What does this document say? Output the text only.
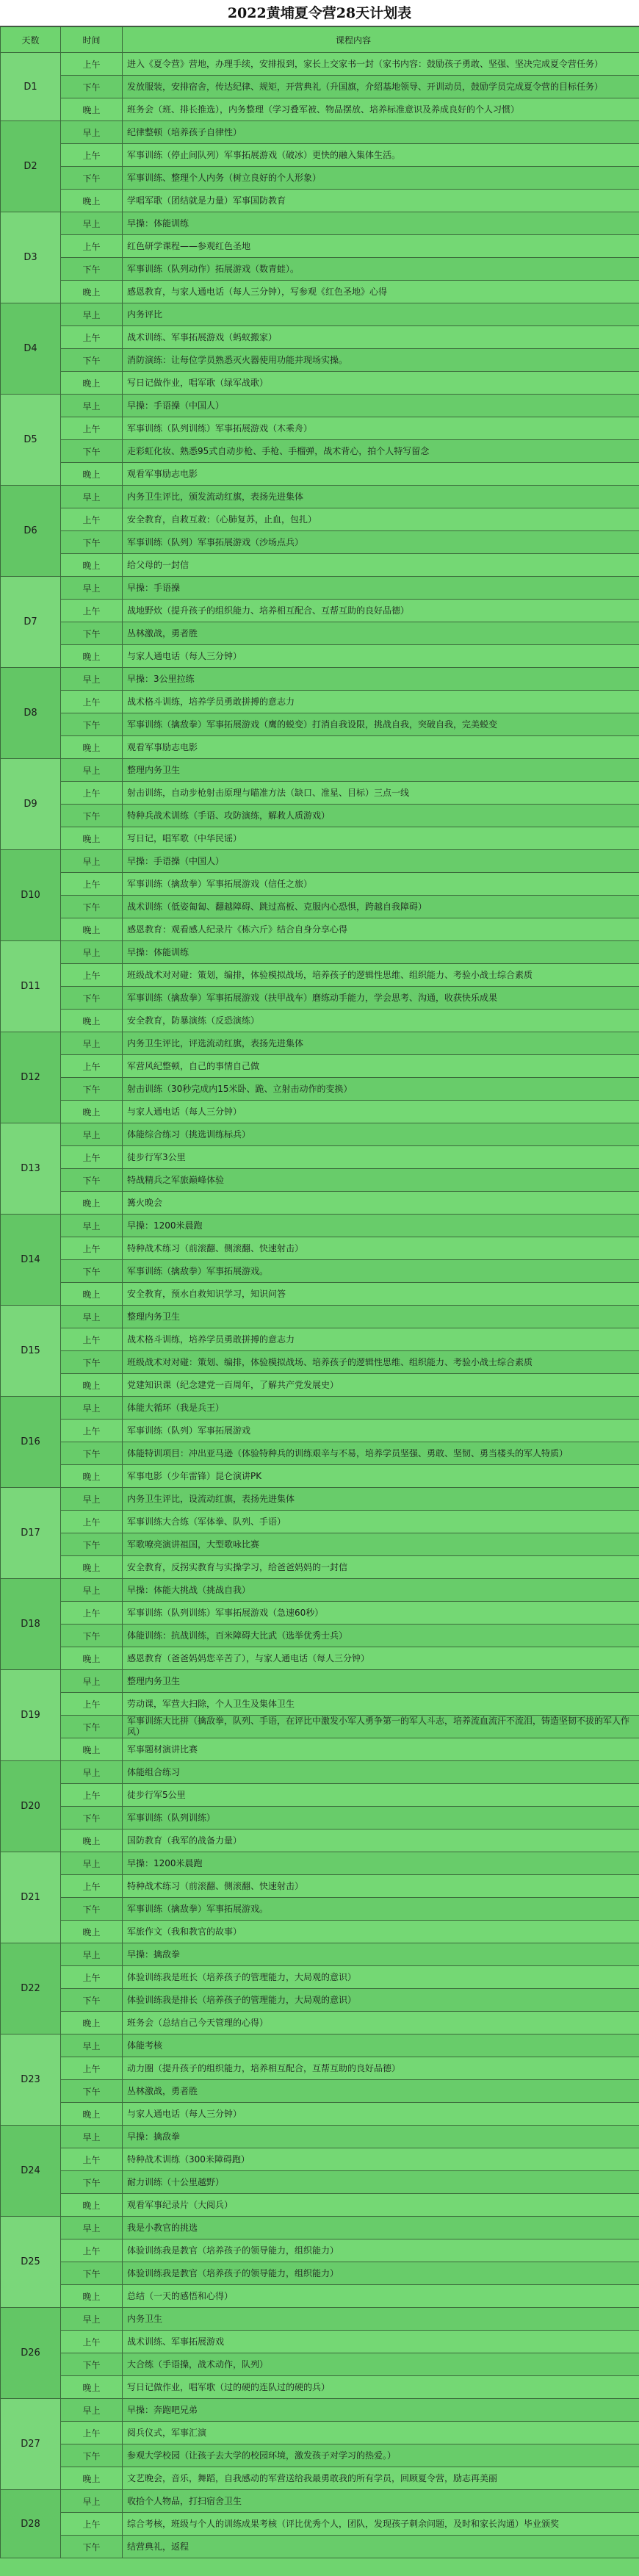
2022黄埔夏令营28天计划表
天数	时间	课程内容
D1	上午	进入《夏令营》营地，办理手续，安排报到，家长上交家书一封（家书内容：鼓励孩子勇敢、坚强、坚决完成夏令营任务）
	下午	发放服装，安排宿舍，传达纪律、规矩，开营典礼（升国旗，介绍基地领导、开训动员，鼓励学员完成夏令营的目标任务）
	晚上	班务会（班、排长推选），内务整理（学习叠军被、物品摆放、培养标准意识及养成良好的个人习惯）
D2	早上	纪律整顿（培养孩子自律性）
	上午	军事训练（停止间队列）军事拓展游戏（破冰）更快的融入集体生活。
	下午	军事训练、整理个人内务（树立良好的个人形象）
	晚上	学唱军歌（团结就是力量）军事国防教育
D3	早上	早操：体能训练
	上午	红色研学课程——参观红色圣地
	下午	军事训练（队列动作）拓展游戏（数青蛙）。
	晚上	感恩教育，与家人通电话（每人三分钟），写参观《红色圣地》心得
D4	早上	内务评比
	上午	战术训练、军事拓展游戏（蚂蚁搬家）
	下午	消防演练：让每位学员熟悉灭火器使用功能并现场实操。
	晚上	写日记做作业，唱军歌（绿军战歌）
D5	早上	早操：手语操（中国人）
	上午	军事训练（队列训练）军事拓展游戏（木乘舟）
	下午	走彩虹化妆、熟悉95式自动步枪、手枪、手榴弹，战术背心，拍个人特写留念
	晚上	观看军事励志电影
D6	早上	内务卫生评比，颁发流动红旗，表扬先进集体
	上午	安全教育，自救互救：（心肺复苏，止血，包扎）
	下午	军事训练（队列）军事拓展游戏（沙场点兵）
	晚上	给父母的一封信
D7	早上	早操：手语操
	上午	战地野炊（提升孩子的组织能力、培养相互配合、互帮互助的良好品德）
	下午	丛林激战，勇者胜
	晚上	与家人通电话（每人三分钟）
D8	早上	早操：3公里拉练
	上午	战术格斗训练，培养学员勇敢拼搏的意志力
	下午	军事训练（擒敌拳）军事拓展游戏（鹰的蜕变）打消自我设限，挑战自我，突破自我，完美蜕变
	晚上	观看军事励志电影
D9	早上	整理内务卫生
	上午	射击训练，自动步枪射击原理与瞄准方法（缺口、准星、目标）三点一线
	下午	特种兵战术训练（手语、攻防演练，解救人质游戏）
	晚上	写日记，唱军歌（中华民谣）
D10	早上	早操：手语操（中国人）
	上午	军事训练（擒敌拳）军事拓展游戏（信任之旅）
	下午	战术训练（低姿匍匐、翻越障碍、跳过高板、克服内心恐惧，跨越自我障碍）
	晚上	感恩教育：观看感人纪录片《栋六斤》结合自身分享心得
D11	早上	早操：体能训练
	上午	班级战术对对碰：策划，编排，体验模拟战场，培养孩子的逻辑性思维、组织能力、考验小战士综合素质
	下午	军事训练（擒敌拳）军事拓展游戏（扶甲战车）磨练动手能力，学会思考、沟通，收获快乐成果
	晚上	安全教育，防暴演练（反恐演练）
D12	早上	内务卫生评比，评选流动红旗，表扬先进集体
	上午	军营风纪整顿，自己的事情自己做
	下午	射击训练（30秒完成内15米卧、跪、立射击动作的变换）
	晚上	与家人通电话（每人三分钟）
D13	早上	体能综合练习（挑选训练标兵）
	上午	徒步行军3公里
	下午	特战精兵之军旅巅峰体验
	晚上	篝火晚会
D14	早上	早操：1200米晨跑
	上午	特种战术练习（前滚翻、侧滚翻、快速射击）
	下午	军事训练（擒敌拳）军事拓展游戏。
	晚上	安全教育，预水自救知识学习，知识问答
D15	早上	整理内务卫生
	上午	战术格斗训练，培养学员勇敢拼搏的意志力
	下午	班级战术对对碰：策划、编排，体验模拟战场、培养孩子的逻辑性思维、组织能力、考验小战士综合素质
	晚上	党建知识课（纪念建党一百周年，了解共产党发展史）
D16	早上	体能大循环（我是兵王）
	上午	军事训练（队列）军事拓展游戏
	下午	体能特训项目：冲出亚马逊（体验特种兵的训练艰辛与不易，培养学员坚强、勇敢、坚韧、勇当楼头的军人特质）
	晚上	军事电影（少年雷锋）昆仑演讲PK
D17	早上	内务卫生评比，设流动红旗，表扬先进集体
	上午	军事训练大合练（军体拳、队列、手语）
	下午	军歌嘹亮演讲祖国，大型歌咏比赛
	晚上	安全教育，反拐实教育与实操学习，给爸爸妈妈的一封信
D18	早上	早操：体能大挑战（挑战自我）
	上午	军事训练（队列训练）军事拓展游戏（急速60秒）
	下午	体能训练：抗战训练，百米障碍大比武（选举优秀士兵）
	晚上	感恩教育（爸爸妈妈您辛苦了），与家人通电话（每人三分钟）
D19	早上	整理内务卫生
	上午	劳动课，军营大扫除，个人卫生及集体卫生
	下午	军事训练大比拼（擒敌拳，队列、手语，在评比中激发小军人勇争第一的军人斗志，培养流血流汗不流泪，铸造坚韧不拔的军人作风）
	晚上	军事题材演讲比赛
D20	早上	体能组合练习
	上午	徒步行军5公里
	下午	军事训练（队列训练）
	晚上	国防教育（我军的战备力量）
D21	早上	早操：1200米晨跑
	上午	特种战术练习（前滚翻、侧滚翻、快速射击）
	下午	军事训练（擒敌拳）军事拓展游戏。
	晚上	军旅作文（我和教官的故事）
D22	早上	早操：擒敌拳
	上午	体验训练我是班长（培养孩子的管理能力，大局观的意识）
	下午	体验训练我是排长（培养孩子的管理能力，大局观的意识）
	晚上	班务会（总结自己今天管理的心得）
D23	早上	体能考核
	上午	动力圈（提升孩子的组织能力，培养相互配合，互帮互助的良好品德）
	下午	丛林激战，勇者胜
	晚上	与家人通电话（每人三分钟）
D24	早上	早操：擒敌拳
	上午	特种战术训练（300米障碍跑）
	下午	耐力训练（十公里越野）
	晚上	观看军事纪录片（大阅兵）
D25	早上	我是小教官的挑选
	上午	体验训练我是教官（培养孩子的领导能力，组织能力）
	下午	体验训练我是教官（培养孩子的领导能力，组织能力）
	晚上	总结（一天的感悟和心得）
D26	早上	内务卫生
	上午	战术训练、军事拓展游戏
	下午	大合练（手语操，战术动作，队列）
	晚上	写日记做作业，唱军歌（过的硬的连队过的硬的兵）
D27	早上	早操：奔跑吧兄弟
	上午	阅兵仪式，军事汇演
	下午	参观大学校园（让孩子去大学的校园环境，激发孩子对学习的热爱。）
	晚上	文艺晚会，音乐，舞蹈，自我感动的军营送给我最勇敢我的所有学员，回顾夏令营，励志再美丽
D28	早上	收拾个人物品，打扫宿舍卫生
	上午	综合考核，班级与个人的训练成果考核（评比优秀个人，团队，发现孩子刺余问题，及时和家长沟通）毕业颁奖
	下午	结营典礼，返程
